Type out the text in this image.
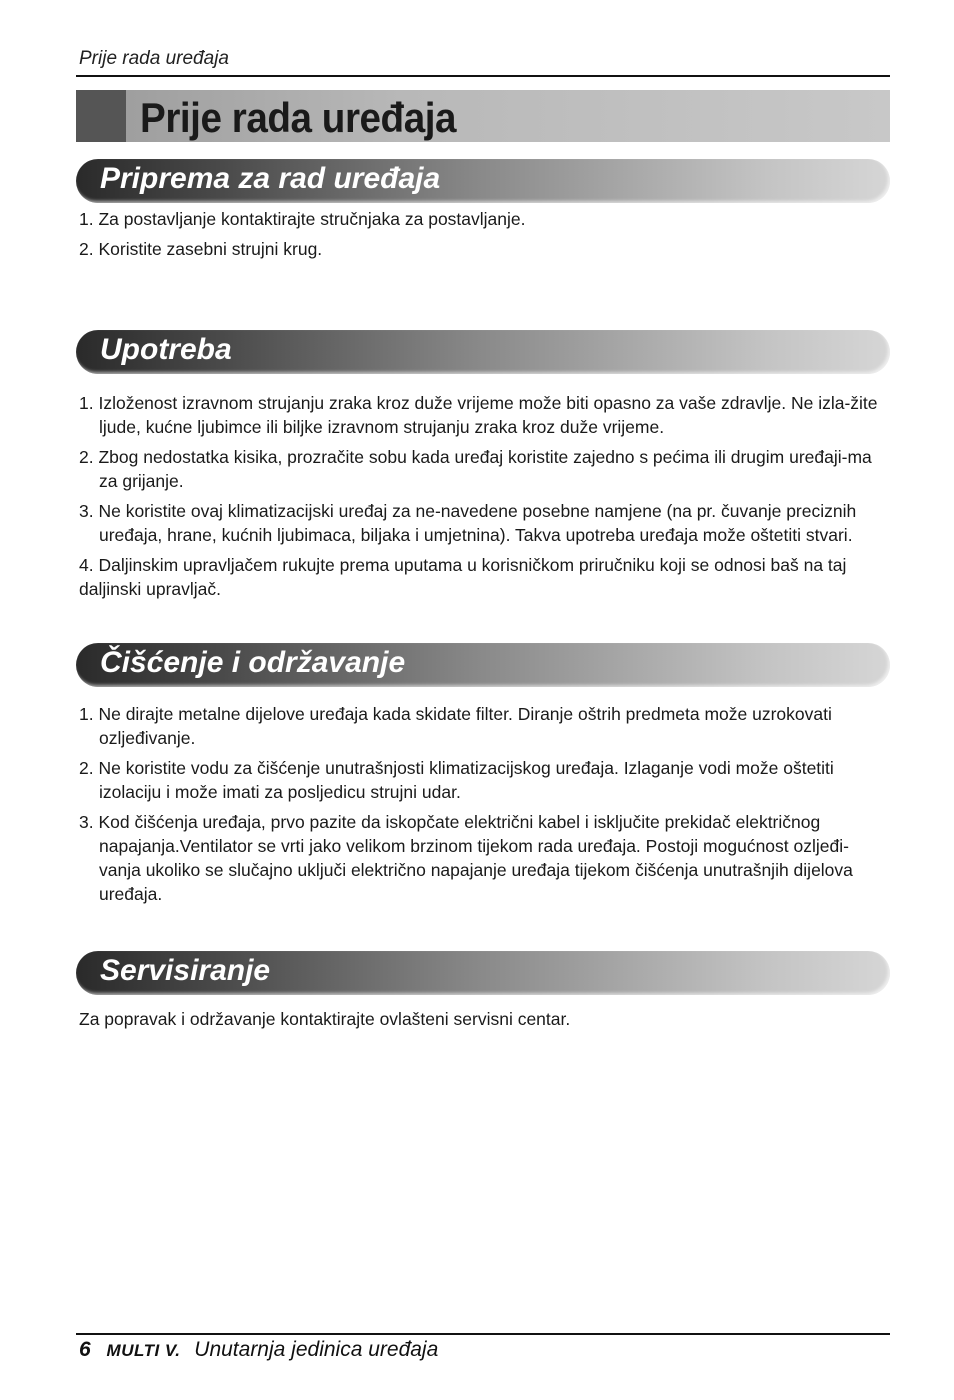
Prije rada uređaja
Prije rada uređaja
Priprema za rad uređaja
1. Za postavljanje kontaktirajte stručnjaka za postavljanje.
2. Koristite zasebni strujni krug.
Upotreba
1. Izloženost izravnom strujanju zraka kroz duže vrijeme može biti opasno za vaše zdravlje. Ne izla-žite ljude, kućne ljubimce ili biljke izravnom strujanju zraka kroz duže vrijeme.
2. Zbog nedostatka kisika, prozračite sobu kada uređaj koristite zajedno s pećima ili drugim uređaji-ma za grijanje.
3. Ne koristite ovaj klimatizacijski uređaj za ne-navedene posebne namjene (na pr. čuvanje preciznih uređaja, hrane, kućnih ljubimaca, biljaka i umjetnina). Takva upotreba uređaja može oštetiti stvari.
4. Daljinskim upravljačem rukujte prema uputama u korisničkom priručniku koji se odnosi baš na taj daljinski upravljač.
Čišćenje i održavanje
1. Ne dirajte metalne dijelove uređaja kada skidate filter. Diranje oštrih predmeta može uzrokovati ozljeđivanje.
2. Ne koristite vodu za čišćenje unutrašnjosti klimatizacijskog uređaja. Izlaganje vodi može oštetiti izolaciju i može imati za posljedicu strujni udar.
3. Kod čišćenja uređaja, prvo pazite da iskopčate električni kabel i isključite prekidač električnog napajanja.Ventilator se vrti jako velikom brzinom tijekom rada uređaja. Postoji mogućnost ozljeđi-vanja ukoliko se slučajno uključi električno napajanje uređaja tijekom čišćenja unutrašnjih dijelova uređaja.
Servisiranje
Za popravak i održavanje kontaktirajte ovlašteni servisni centar.
6 MULTI V. Unutarnja jedinica uređaja
